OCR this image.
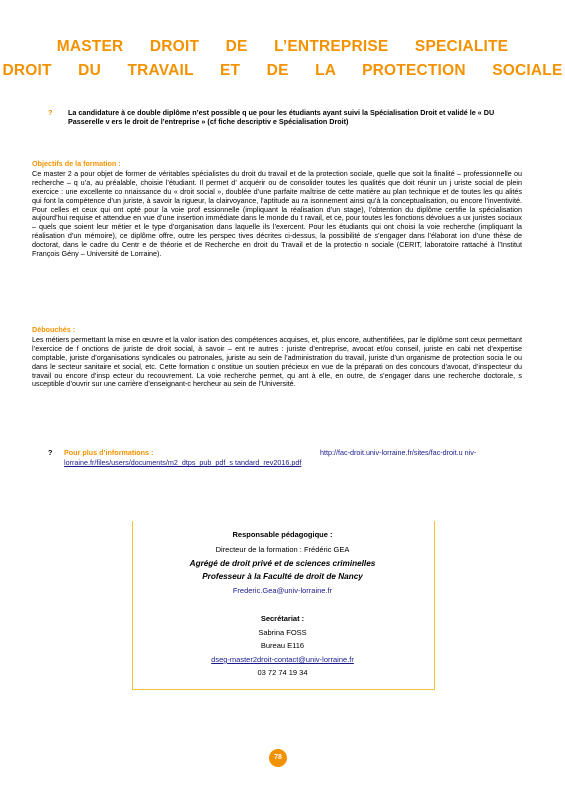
MASTER DROIT DE L’ENTREPRISE SPECIALITE
DROIT DU TRAVAIL ET DE LA PROTECTION SOCIALE
? La candidature à ce double diplôme n’est possible q ue pour les étudiants ayant suivi la Spécialisation Droit et validé le « DU Passerelle v ers le droit de l’entreprise » (cf fiche descriptiv e Spécialisation Droit)
Objectifs de la formation :
Ce master 2 a pour objet de former de véritables spécialistes du droit du travail et de la protection sociale, quelle que soit la finalité – professionnelle ou recherche – q u’a, au préalable, choisie l’étudiant. Il permet d’ acquérir ou de consolider toutes les qualités que doit réunir un j uriste social de plein exercice : une excellente co nnaissance du « droit social », doublée d’une parfaite maîtrise de cette matière au plan technique et de toutes les qu alités qui font la compétence d’un juriste, à savoir la rigueur, la clairvoyance, l’aptitude au ra isonnement ainsi qu’à la conceptualisation, ou encore l’inventivité. Pour celles et ceux qui ont opté pour la voie prof essionnelle (impliquant la réalisation d’un stage), l’obtention du diplôme certifie la spécialisation aujourd’hui requise et attendue en vue d’une insertion immédiate dans le monde du t ravail, et ce, pour toutes les fonctions dévolues a ux juristes sociaux – quels que soient leur métier et le type d’organisation dans laquelle ils l’exercent. Pour les étudiants qui ont choisi la voie recherche (impliquant la réalisation d’un mémoire), ce diplôme offre, outre les perspec tives décrites ci-dessus, la possibilité de s’engager dans l’élaborat ion d’une thèse de doctorat, dans le cadre du Centr e de théorie et de Recherche en droit du Travail et de la protectio n sociale (CERIT, laboratoire rattaché à l’Institut François Gény – Université de Lorraine).
Débouchés :
Les métiers permettant la mise en œuvre et la valor isation des compétences acquises, et, plus encore, authentifiées, par le diplôme sont ceux permettant l’exercice de f onctions de juriste de droit social, à savoir – ent re autres : juriste d’entreprise, avocat et/ou conseil, juriste en cabi net d’expertise comptable, juriste d’organisations syndicales ou patronales, juriste au sein de l’administration du travail, juriste d’un organisme de protection socia le ou dans le secteur sanitaire et social, etc. Cette formation c onstitue un soutien précieux en vue de la préparati on des concours d’avocat, d’inspecteur du travail ou encore d’insp ecteur du recouvrement. La voie recherche permet, qu ant à elle, en outre, de s’engager dans une recherche doctorale, s usceptible d’ouvrir sur une carrière d’enseignant-c hercheur au sein de l’Université.
? Pour plus d’informations :	http://fac-droit.univ-lorraine.fr/sites/fac-droit.u niv-
lorraine.fr/files/users/documents/m2_dtps_pub_pdf_s tandard_rev2016.pdf
Responsable pédagogique :
Directeur de la formation : Frédéric GEA
Agrégé de droit privé et de sciences criminelles
Professeur à la Faculté de droit de Nancy
Frederic.Gea@univ-lorraine.fr
Secrétariat :
Sabrina FOSS
Bureau E116
dseg-master2droit-contact@univ-lorraine.fr
03 72 74 19 34
78
